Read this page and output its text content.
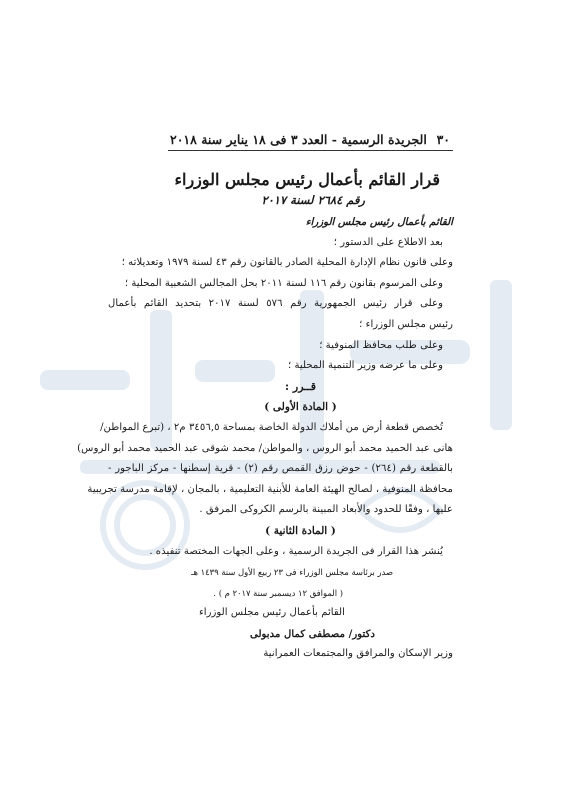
٣٠
الجريدة الرسمية - العدد ٣ فى ١٨ يناير سنة ٢٠١٨
قرار القائم بأعمال رئيس مجلس الوزراء
رقم ٢٦٨٤ لسنة ٢٠١٧

القائم بأعمال رئيس مجلس الوزراء

بعد الاطلاع على الدستور ؛

وعلى قانون نظام الإدارة المحلية الصادر بالقانون رقم ٤٣ لسنة ١٩٧٩ وتعديلاته ؛

وعلى المرسوم بقانون رقم ١١٦ لسنة ٢٠١١ بحل المجالس الشعبية المحلية ؛

وعلى قرار رئيس الجمهورية رقم ٥٧٦ لسنة ٢٠١٧ بتحديد القائم بأعمال

رئيس مجلس الوزراء ؛

وعلى طلب محافظ المنوفية ؛

وعلى ما عرضه وزير التنمية المحلية ؛

قــرر :

( المادة الأولى )

تُخصص قطعة أرض من أملاك الدولة الخاصة بمساحة ٣٤٥٦,٥ م٢ ، (تبرع المواطن/

هانى عبد الحميد محمد أبو الروس ، والمواطن/ محمد شوقى عبد الحميد محمد أبو الروس)

بالقطعة رقم (٢٦٤) - حوض رزق القمص رقم (٢) - قرية إسطنها - مركز الباجور -

محافظة المنوفية ، لصالح الهيئة العامة للأبنية التعليمية ، بالمجان ، لإقامة مدرسة تجريبية

عليها ، وفقًا للحدود والأبعاد المبينة بالرسم الكروكى المرفق .

( المادة الثانية )

يُنشر هذا القرار فى الجريدة الرسمية ، وعلى الجهات المختصة تنفيذه .

صدر برئاسة مجلس الوزراء فى ٢٣ ربيع الأول سنة ١٤٣٩ هـ

( الموافق ١٢ ديسمبر سنة ٢٠١٧ م ) .

القائم بأعمال رئيس مجلس الوزراء

دكتور/ مصطفى كمال مدبولى

وزير الإسكان والمرافق والمجتمعات العمرانية
